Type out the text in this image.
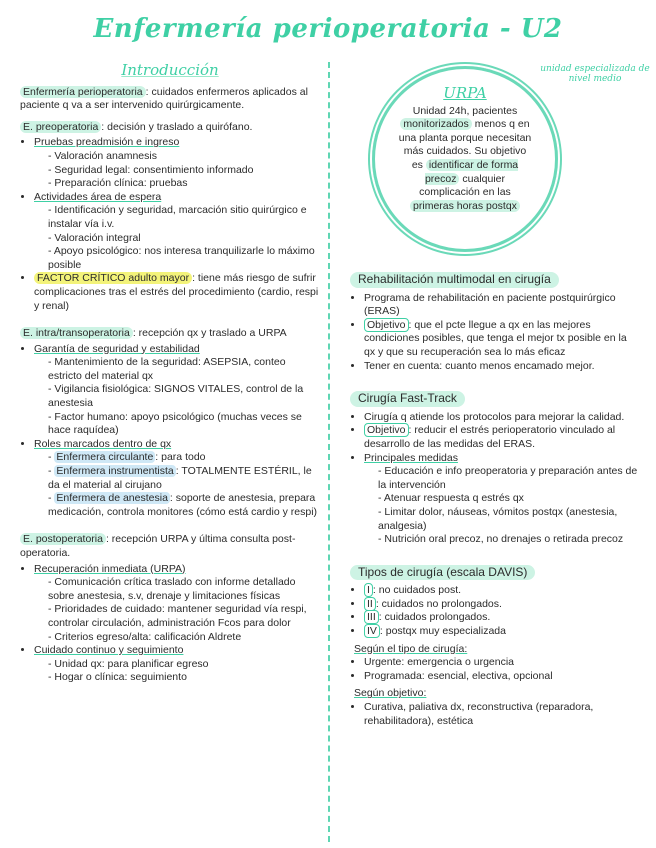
Enfermería perioperatoria - U2
unidad especializada de nivel medio
URPA
Unidad 24h, pacientes monitorizados menos q en una planta porque necesitan más cuidados. Su objetivo es identificar de forma precoz cualquier complicación en las primeras horas postqx
Introducción

Enfermería perioperatoria : cuidados enfermeros aplicados al paciente q va a ser intervenido quirúrgicamente.

E. preoperatoria : decisión y traslado a quirófano.

• Pruebas preadmisión e ingreso
- Valoración anamnesis
- Seguridad legal: consentimiento informado
- Preparación clínica: pruebas
• Actividades área de espera
- Identificación y seguridad, marcación sitio quirúrgico e instalar vía i.v.
- Valoración integral
- Apoyo psicológico: nos interesa tranquilizarle lo máximo posible
• FACTOR CRÍTICO adulto mayor : tiene más riesgo de sufrir complicaciones tras el estrés del procedimiento (cardio, respi y renal)

E. intra/transoperatoria : recepción qx y traslado a URPA

• Garantía de seguridad y estabilidad
- Mantenimiento de la seguridad: ASEPSIA, conteo estricto del material qx
- Vigilancia fisiológica: SIGNOS VITALES, control de la anestesia
- Factor humano: apoyo psicológico (muchas veces se hace raquídea)
• Roles marcados dentro de qx
- Enfermera circulante : para todo
- Enfermera instrumentista : TOTALMENTE ESTÉRIL, le da el material al cirujano
- Enfermera de anestesia : soporte de anestesia, prepara medicación, controla monitores (cómo está cardio y respi)

E. postoperatoria : recepción URPA y última consulta post-operatoria.

• Recuperación inmediata (URPA)
- Comunicación crítica traslado con informe detallado sobre anestesia, s.v, drenaje y limitaciones físicas
- Prioridades de cuidado: mantener seguridad vía respi, controlar circulación, administración Fcos para dolor
- Criterios egreso/alta: calificación Aldrete
• Cuidado continuo y seguimiento
- Unidad qx: para planificar egreso
- Hogar o clínica: seguimiento
Rehabilitación multimodal en cirugía
• Programa de rehabilitación en paciente postquirúrgico (ERAS)
• Objetivo : que el pcte llegue a qx en las mejores condiciones posibles, que tenga el mejor tx posible en la qx y que su recuperación sea lo más eficaz
• Tener en cuenta: cuanto menos encamado mejor.
Cirugía Fast-Track
• Cirugía q atiende los protocolos para mejorar la calidad.
• Objetivo : reducir el estrés perioperatorio vinculado al desarrollo de las medidas del ERAS.
• Principales medidas
- Educación e info preoperatoria y preparación antes de la intervención
- Atenuar respuesta q estrés qx
- Limitar dolor, náuseas, vómitos postqx (anestesia, analgesia)
- Nutrición oral precoz, no drenajes o retirada precoz
Tipos de cirugía (escala DAVIS)
• I : no cuidados post.
• II : cuidados no prolongados.
• III : cuidados prolongados.
• IV : postqx muy especializada
Según el tipo de cirugía:
• Urgente: emergencia o urgencia
• Programada: esencial, electiva, opcional
Según objetivo:
• Curativa, paliativa dx, reconstructiva (reparadora, rehabilitadora), estética
